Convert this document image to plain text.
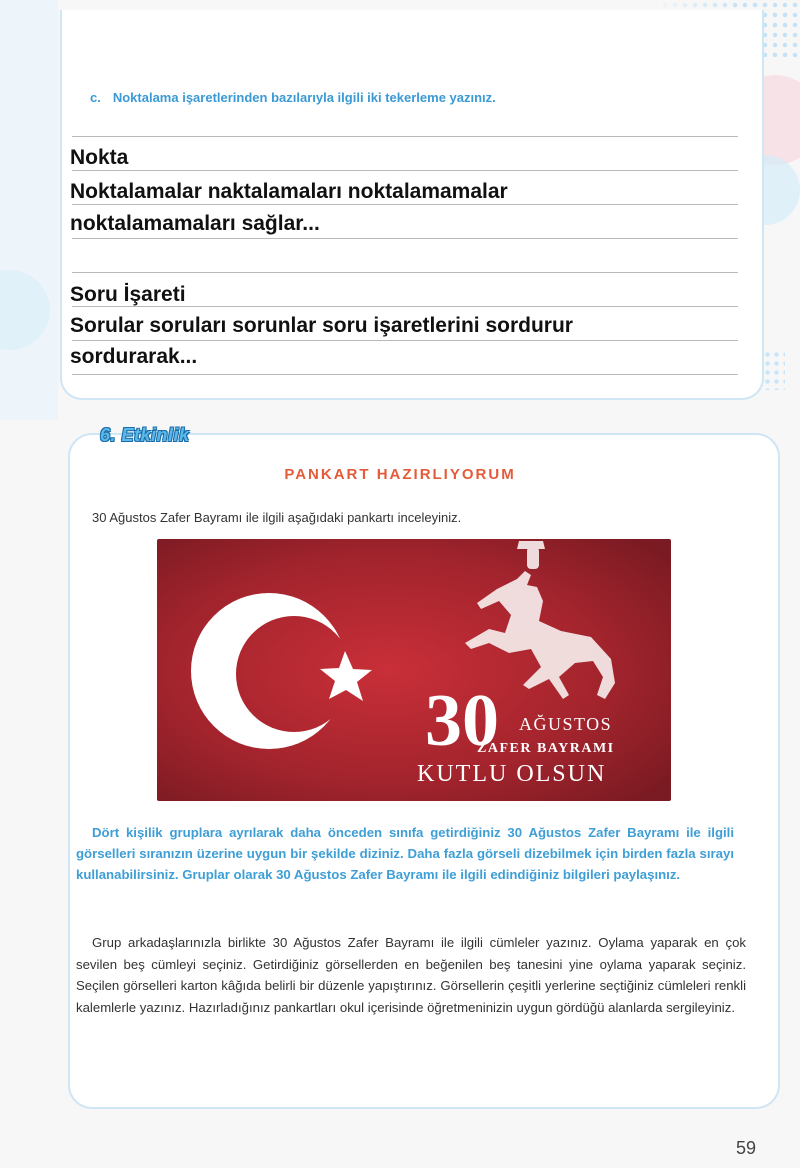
c. Noktalama işaretlerinden bazılarıyla ilgili iki tekerleme yazınız.
Nokta
Noktalamalar naktalamaları noktalamamalar
noktalamamaları sağlar...
Soru İşareti
Sorular soruları sorunlar soru işaretlerini sordurur
sordurarak...
6. Etkinlik
PANKART HAZIRLIYORUM
30 Ağustos Zafer Bayramı ile ilgili aşağıdaki pankartı inceleyiniz.
30 AĞUSTOS
ZAFER BAYRAMI
KUTLU OLSUN
Dört kişilik gruplara ayrılarak daha önceden sınıfa getirdiğiniz 30 Ağustos Zafer Bayramı ile ilgili görselleri sıranızın üzerine uygun bir şekilde diziniz. Daha fazla görseli dizebilmek için birden fazla sırayı kullanabilirsiniz. Gruplar olarak 30 Ağustos Zafer Bayramı ile ilgili edindiğiniz bilgileri paylaşınız.
Grup arkadaşlarınızla birlikte 30 Ağustos Zafer Bayramı ile ilgili cümleler yazınız. Oylama yaparak en çok sevilen beş cümleyi seçiniz. Getirdiğiniz görsellerden en beğenilen beş tanesini yine oylama yaparak seçiniz. Seçilen görselleri karton kâğıda belirli bir düzenle yapıştırınız. Görsellerin çeşitli yerlerine seçtiğiniz cümleleri renkli kalemlerle yazınız. Hazırladığınız pankartları okul içerisinde öğretmeninizin uygun gördüğü alanlarda sergileyiniz.
59
